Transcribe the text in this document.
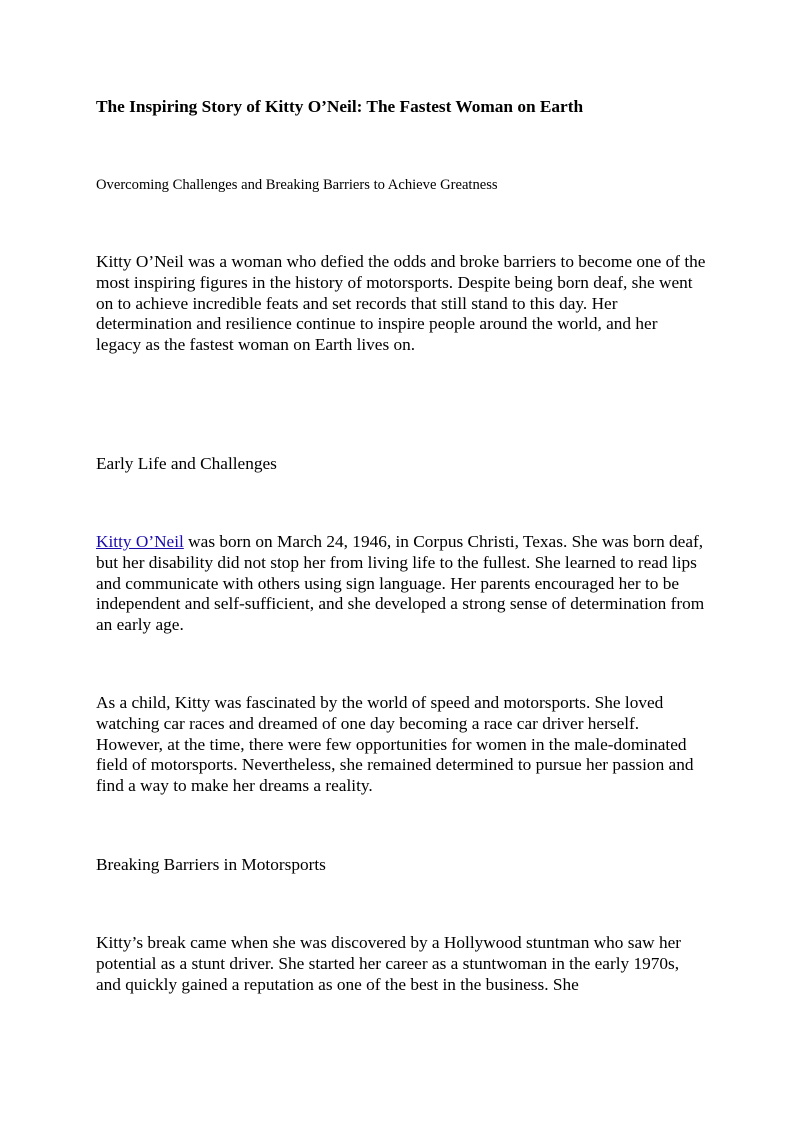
The Inspiring Story of Kitty O’Neil: The Fastest Woman on Earth

Overcoming Challenges and Breaking Barriers to Achieve Greatness

Kitty O’Neil was a woman who defied the odds and broke barriers to become one of the most inspiring figures in the history of motorsports. Despite being born deaf, she went on to achieve incredible feats and set records that still stand to this day. Her determination and resilience continue to inspire people around the world, and her legacy as the fastest woman on Earth lives on.

Early Life and Challenges

Kitty O’Neil was born on March 24, 1946, in Corpus Christi, Texas. She was born deaf, but her disability did not stop her from living life to the fullest. She learned to read lips and communicate with others using sign language. Her parents encouraged her to be independent and self-sufficient, and she developed a strong sense of determination from an early age.

As a child, Kitty was fascinated by the world of speed and motorsports. She loved watching car races and dreamed of one day becoming a race car driver herself. However, at the time, there were few opportunities for women in the male-dominated field of motorsports. Nevertheless, she remained determined to pursue her passion and find a way to make her dreams a reality.

Breaking Barriers in Motorsports

Kitty’s break came when she was discovered by a Hollywood stuntman who saw her potential as a stunt driver. She started her career as a stuntwoman in the early 1970s, and quickly gained a reputation as one of the best in the business. She
